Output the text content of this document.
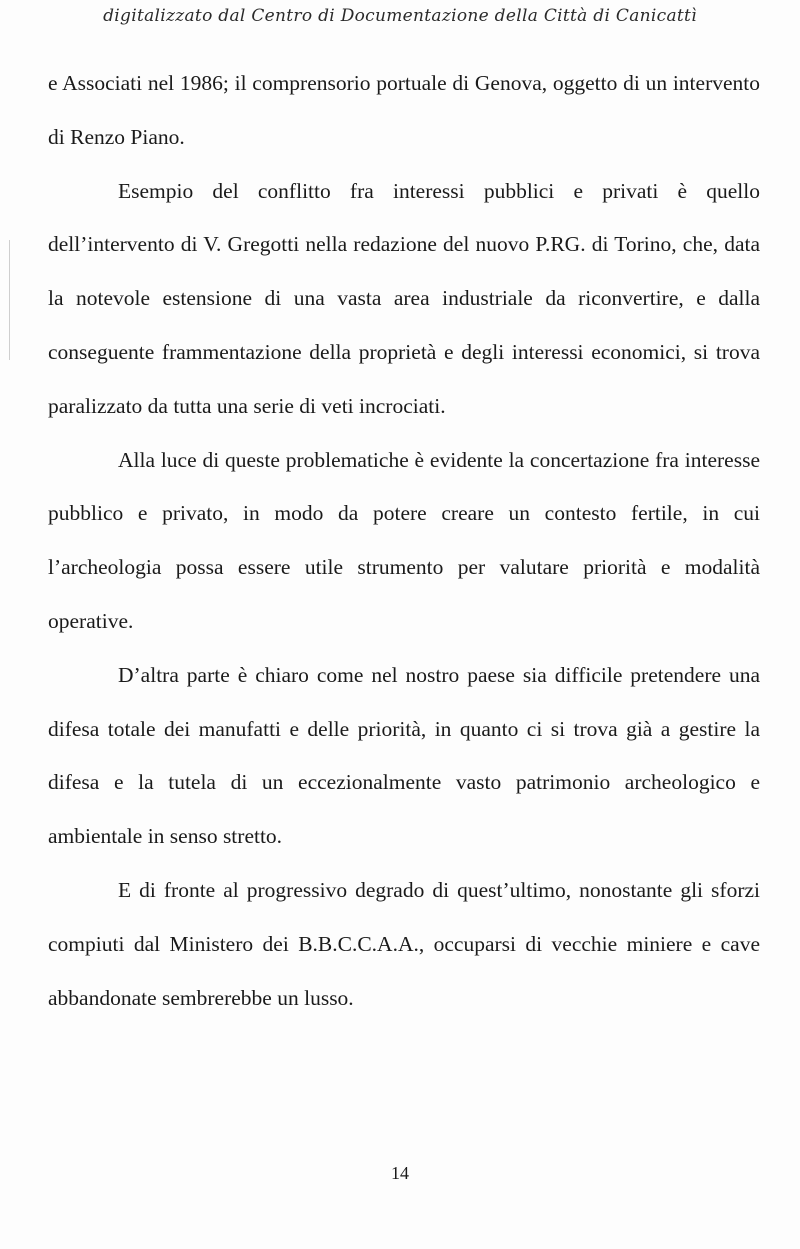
digitalizzato dal Centro di Documentazione della Città di Canicattì

e Associati nel 1986; il comprensorio portuale di Genova, oggetto di un intervento di Renzo Piano.

Esempio del conflitto fra interessi pubblici e privati è quello dell’intervento di V. Gregotti nella redazione del nuovo P.RG. di Torino, che, data la notevole estensione di una vasta area industriale da riconvertire, e dalla conseguente frammentazione della proprietà e degli interessi economici, si trova paralizzato da tutta una serie di veti incrociati.

Alla luce di queste problematiche è evidente la concertazione fra interesse pubblico e privato, in modo da potere creare un contesto fertile, in cui l’archeologia possa essere utile strumento per valutare priorità e modalità operative.

D’altra parte è chiaro come nel nostro paese sia difficile pretendere una difesa totale dei manufatti e delle priorità, in quanto ci si trova già a gestire la difesa e la tutela di un eccezionalmente vasto patrimonio archeologico e ambientale in senso stretto.

E di fronte al progressivo degrado di quest’ultimo, nonostante gli sforzi compiuti dal Ministero dei B.B.C.C.A.A., occuparsi di vecchie miniere e cave abbandonate sembrerebbe un lusso.

14
